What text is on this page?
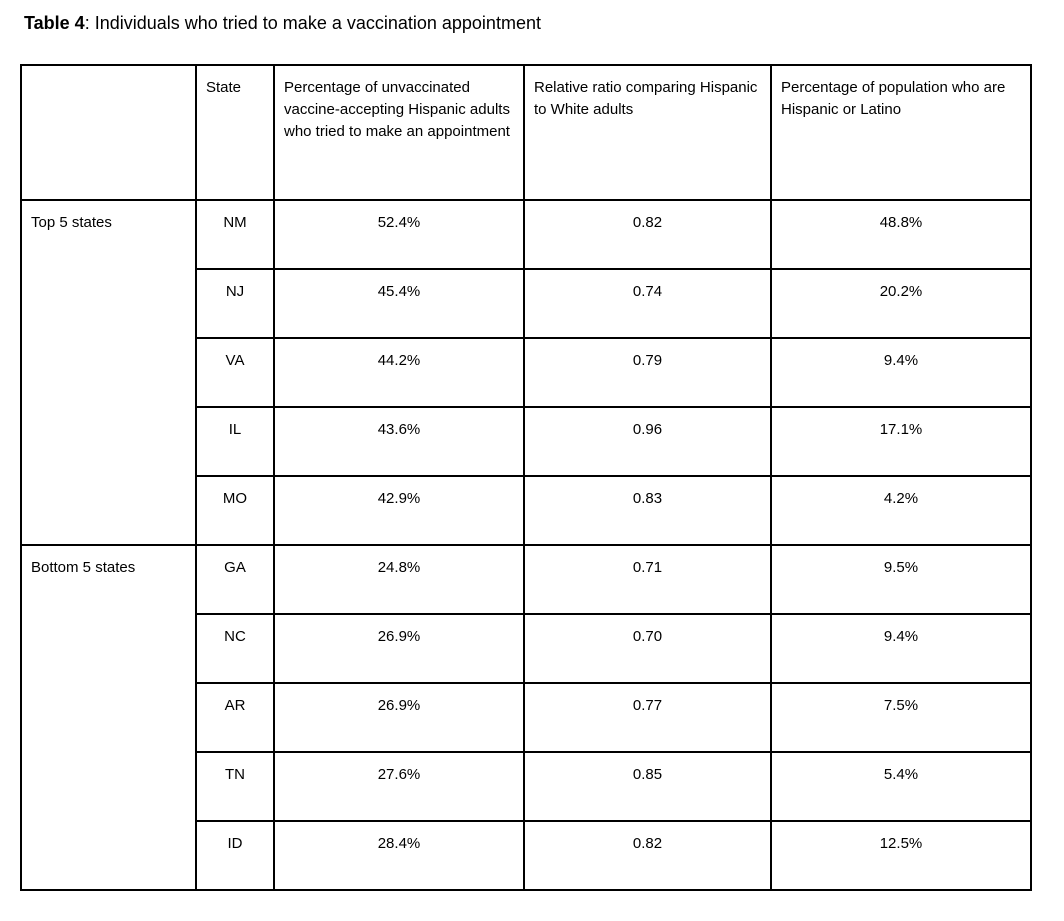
Table 4: Individuals who tried to make a vaccination appointment
	State	Percentage of unvaccinated vaccine-accepting Hispanic adults who tried to make an appointment	Relative ratio comparing Hispanic to White adults	Percentage of population who are Hispanic or Latino
Top 5 states	NM	52.4%	0.82	48.8%
	NJ	45.4%	0.74	20.2%
	VA	44.2%	0.79	9.4%
	IL	43.6%	0.96	17.1%
	MO	42.9%	0.83	4.2%
Bottom 5 states	GA	24.8%	0.71	9.5%
	NC	26.9%	0.70	9.4%
	AR	26.9%	0.77	7.5%
	TN	27.6%	0.85	5.4%
	ID	28.4%	0.82	12.5%
